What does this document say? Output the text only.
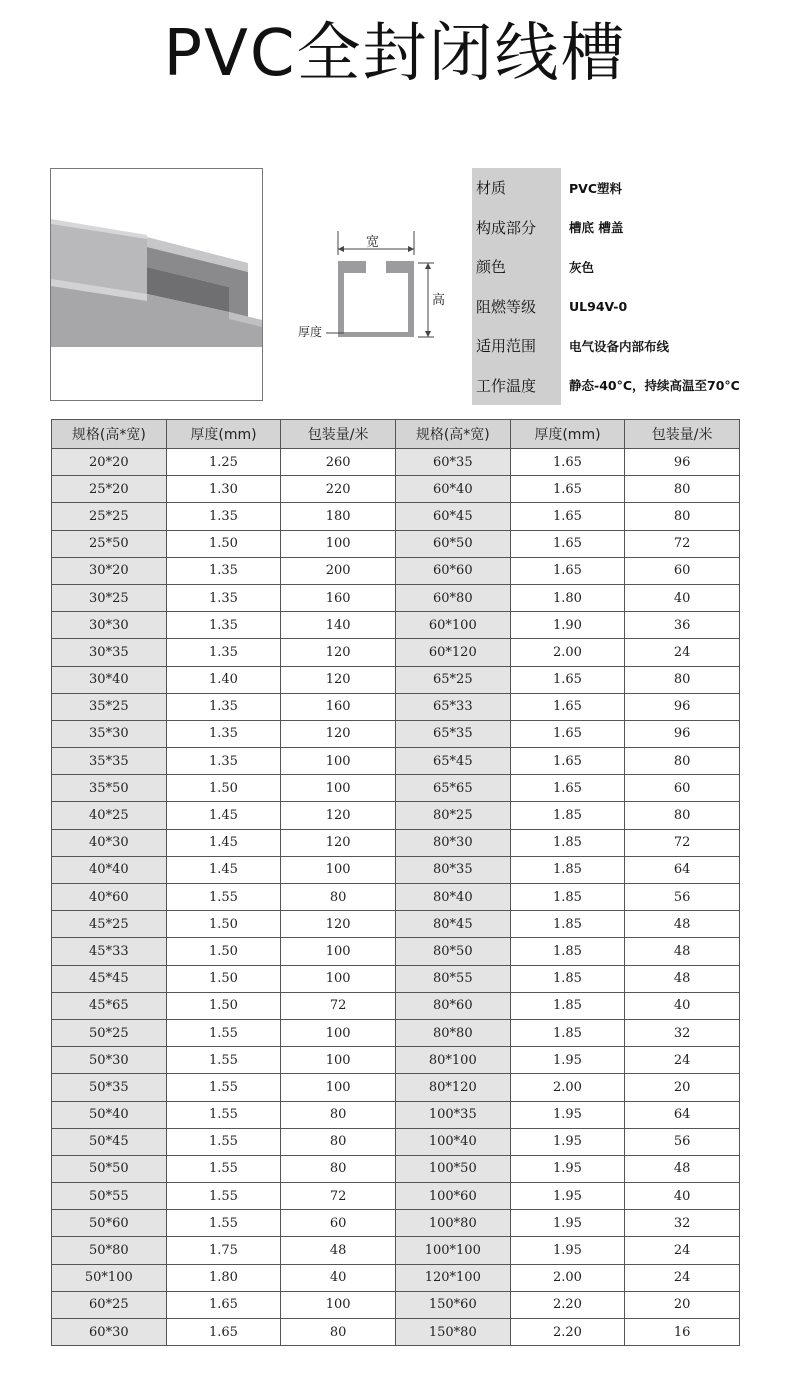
PVC全封闭线槽
宽
高
厚度
材质	PVC塑料
构成部分	槽底 槽盖
颜色	灰色
阻燃等级	UL94V-0
适用范围	电气设备内部布线
工作温度	静态-40°C，持续高温至70°C
规格(高*宽)	厚度(mm)	包装量/米	规格(高*宽)	厚度(mm)	包装量/米
20*20	1.25	260	60*35	1.65	96
25*20	1.30	220	60*40	1.65	80
25*25	1.35	180	60*45	1.65	80
25*50	1.50	100	60*50	1.65	72
30*20	1.35	200	60*60	1.65	60
30*25	1.35	160	60*80	1.80	40
30*30	1.35	140	60*100	1.90	36
30*35	1.35	120	60*120	2.00	24
30*40	1.40	120	65*25	1.65	80
35*25	1.35	160	65*33	1.65	96
35*30	1.35	120	65*35	1.65	96
35*35	1.35	100	65*45	1.65	80
35*50	1.50	100	65*65	1.65	60
40*25	1.45	120	80*25	1.85	80
40*30	1.45	120	80*30	1.85	72
40*40	1.45	100	80*35	1.85	64
40*60	1.55	80	80*40	1.85	56
45*25	1.50	120	80*45	1.85	48
45*33	1.50	100	80*50	1.85	48
45*45	1.50	100	80*55	1.85	48
45*65	1.50	72	80*60	1.85	40
50*25	1.55	100	80*80	1.85	32
50*30	1.55	100	80*100	1.95	24
50*35	1.55	100	80*120	2.00	20
50*40	1.55	80	100*35	1.95	64
50*45	1.55	80	100*40	1.95	56
50*50	1.55	80	100*50	1.95	48
50*55	1.55	72	100*60	1.95	40
50*60	1.55	60	100*80	1.95	32
50*80	1.75	48	100*100	1.95	24
50*100	1.80	40	120*100	2.00	24
60*25	1.65	100	150*60	2.20	20
60*30	1.65	80	150*80	2.20	16
